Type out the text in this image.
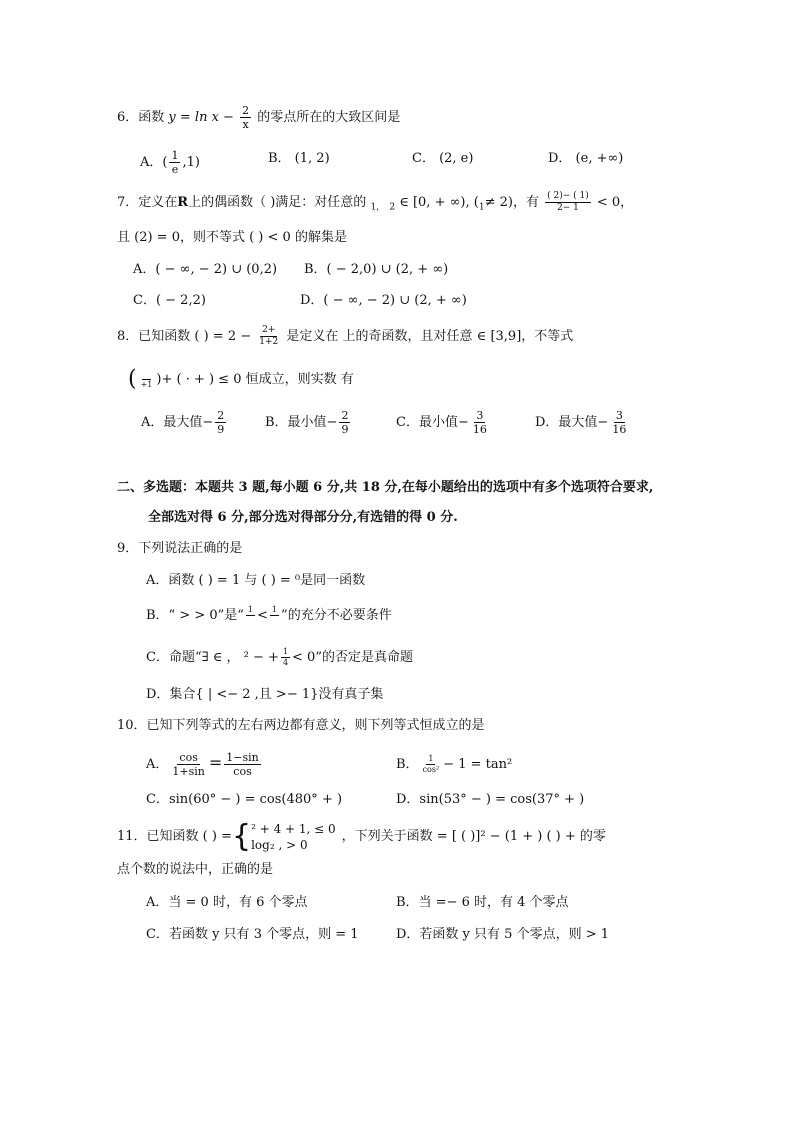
6．函数 $y = \ln x - \frac{2}{x}$ 的零点所在的大致区间是
A．( $\frac{1}{e} ,1$)	B． (1, 2)	C． (2, e)	D． (e, +∞)
7．定义在R上的偶函数（ )满足：对任意的 $_{1,}$ $_2$ ∈ [0, + ∞), $(_1\ne 2)$，有 $\frac{( 2)- ( 1)}{2- 1} < 0$，
且 (2) = 0，则不等式 ( ) < 0 的解集是
A．( − ∞, − 2) ∪ (0,2) B．( − 2,0) ∪ (2, + ∞)
C．( − 2,2)	D．( − ∞, − 2) ∪ (2, + ∞)
8．已知函数 ( ) = $2 - \frac{2+}{1+2}$ 是定义在 上的奇函数，且对任意 ∈ [3,9]，不等式
(
+1 )+ ( · + ) ≤ 0 恒成立，则实数 有
A．最大值− $\frac{2}{9}$	B．最小值− $\frac{2}{9}$	C．最小值− $\frac{3}{16}$	D．最大值− $\frac{3}{16}$
二、多选题：本题共 3 题,每小题 6 分,共 18 分,在每小题给出的选项中有多个选项符合要求,
全部选对得 6 分,部分选对得部分分,有选错的得 0 分.
9．下列说法正确的是
A．函数 ( ) = 1 与 ( ) = ⁰是同一函数
B．“ > > 0”是“ 1
< 1
”的充分不必要条件
C．命题“∃ ∈ ， ² − + $\frac{1}{4} < 0$”的否定是真命题
D．集合{ | <− 2 ,且 >− 1}没有真子集
10．已知下列等式的左右两边都有意义，则下列等式恒成立的是
A． $\frac{\cos}{1+\sin} = \frac{1-\sin}{\cos}$	B． $\frac{1}{\text{cos²}} - 1 = \tan^2$
C．sin(60° − ) = cos(480° + )	D．sin(53° − ) = cos(37° + )
11．已知函数 ( ) = { ² + 4 + 1, ≤ 0
log₂ , > 0
，下列关于函数 = [ ( )]² − (1 + ) ( ) + 的零
点个数的说法中，正确的是
A．当 = 0 时，有 6 个零点	B．当 =− 6 时，有 4 个零点
C．若函数 y 只有 3 个零点，则 = 1	D．若函数 y 只有 5 个零点，则 > 1
